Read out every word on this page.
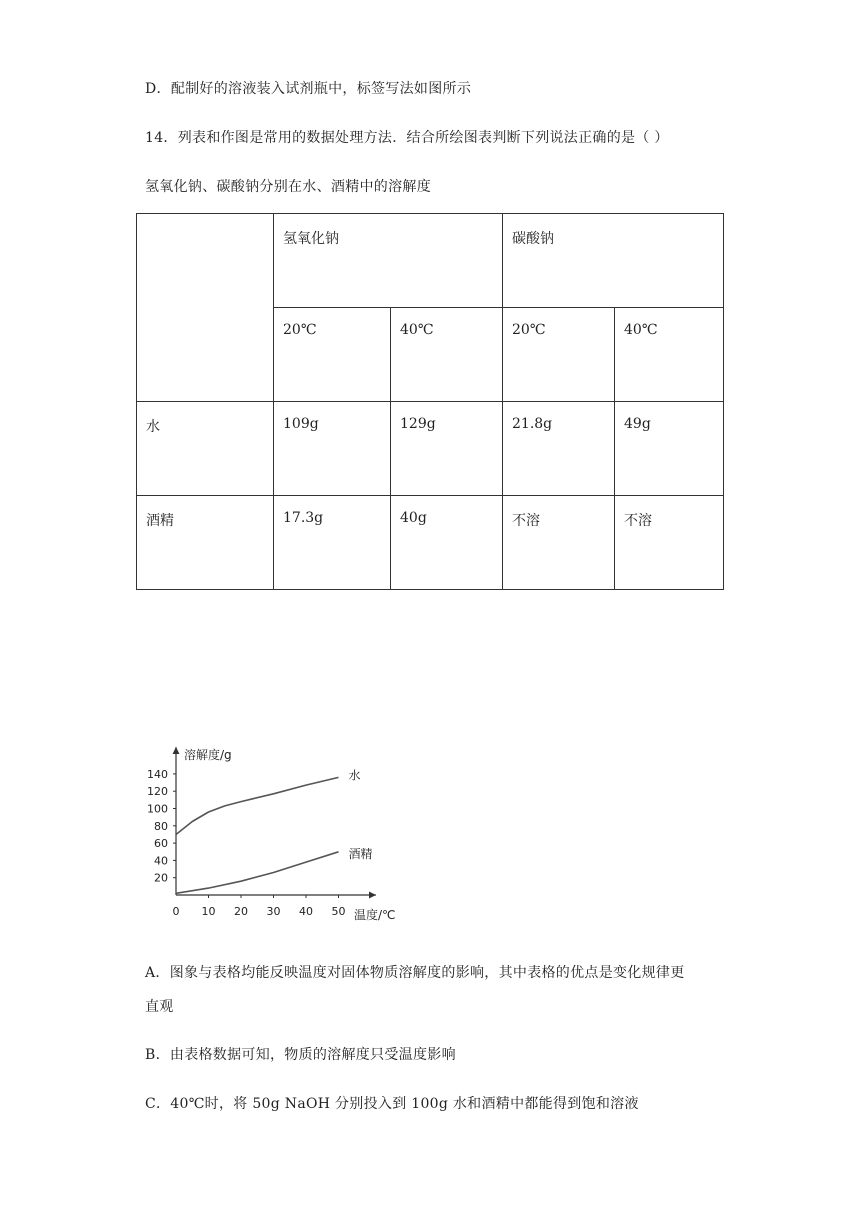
D．配制好的溶液装入试剂瓶中，标签写法如图所示
14．列表和作图是常用的数据处理方法．结合所绘图表判断下列说法正确的是（ ）
氢氧化钠、碳酸钠分别在水、酒精中的溶解度
	氢氧化钠		碳酸钠	
	20℃	40℃	20℃	40℃
水	109g	129g	21.8g	49g
酒精	17.3g	40g	不溶	不溶
溶解度/g
温度/℃
20
40
60
80
100
120
140
0 10 20 30 40 50
水
酒精
A．图象与表格均能反映温度对固体物质溶解度的影响，其中表格的优点是变化规律更
直观
B．由表格数据可知，物质的溶解度只受温度影响
C．40℃时，将 50g NaOH 分别投入到 100g 水和酒精中都能得到饱和溶液
